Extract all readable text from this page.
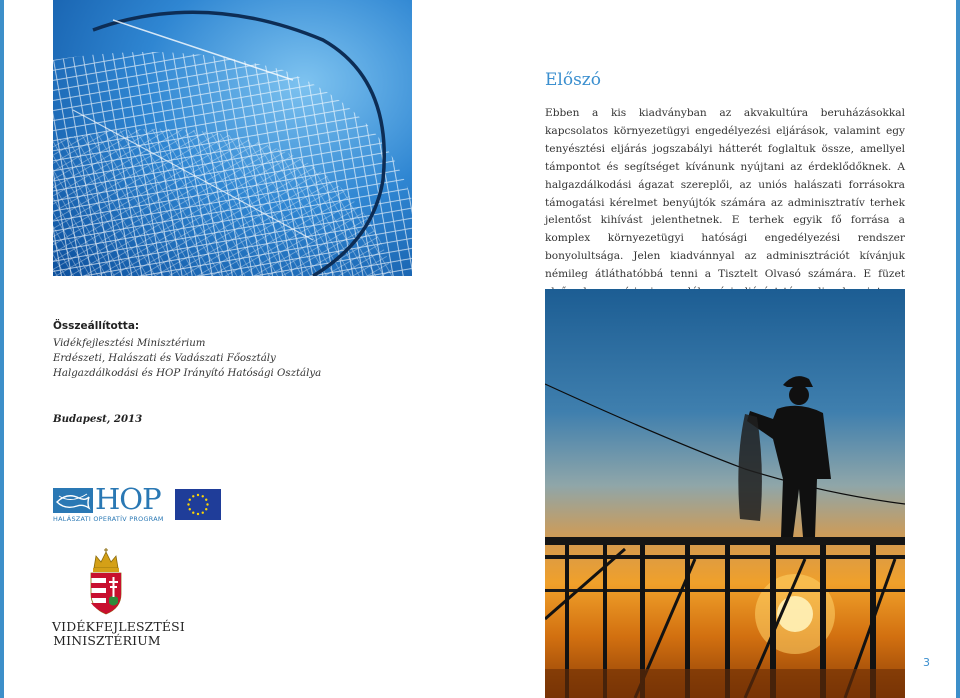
Előszó

Ebben a kis kiadványban az akvakultúra beruházásokkal kapcsolatos környezetügyi engedélyezési eljárások, valamint egy tenyésztési eljárás jogszabályi hátterét foglaltuk össze, amellyel támpontot és segítséget kívánunk nyújtani az érdeklődőknek. A halgazdálkodási ágazat szereplői, az uniós halászati forrásokra támogatási kérelmet benyújtók számára az adminisztratív terhek jelentőst kihívást jelenthetnek. E terhek egyik fő forrása a komplex környezetügyi hatósági engedélyezési rendszer bonyolultsága. Jelen kiadvánnyal az adminisztrációt kívánjuk némileg átláthatóbbá tenni a Tisztelt Olvasó számára. E füzet

Összeállította:

Vidékfejlesztési Minisztérium

Erdészeti, Halászati és Vadászati Főosztály

Halgazdálkodási és HOP Irányító Hatósági Osztálya

Budapest, 2013
HOP
HALÁSZATI OPERATÍV PROGRAM
VIDÉKFEJLESZTÉSI
MINISZTÉRIUM
3
